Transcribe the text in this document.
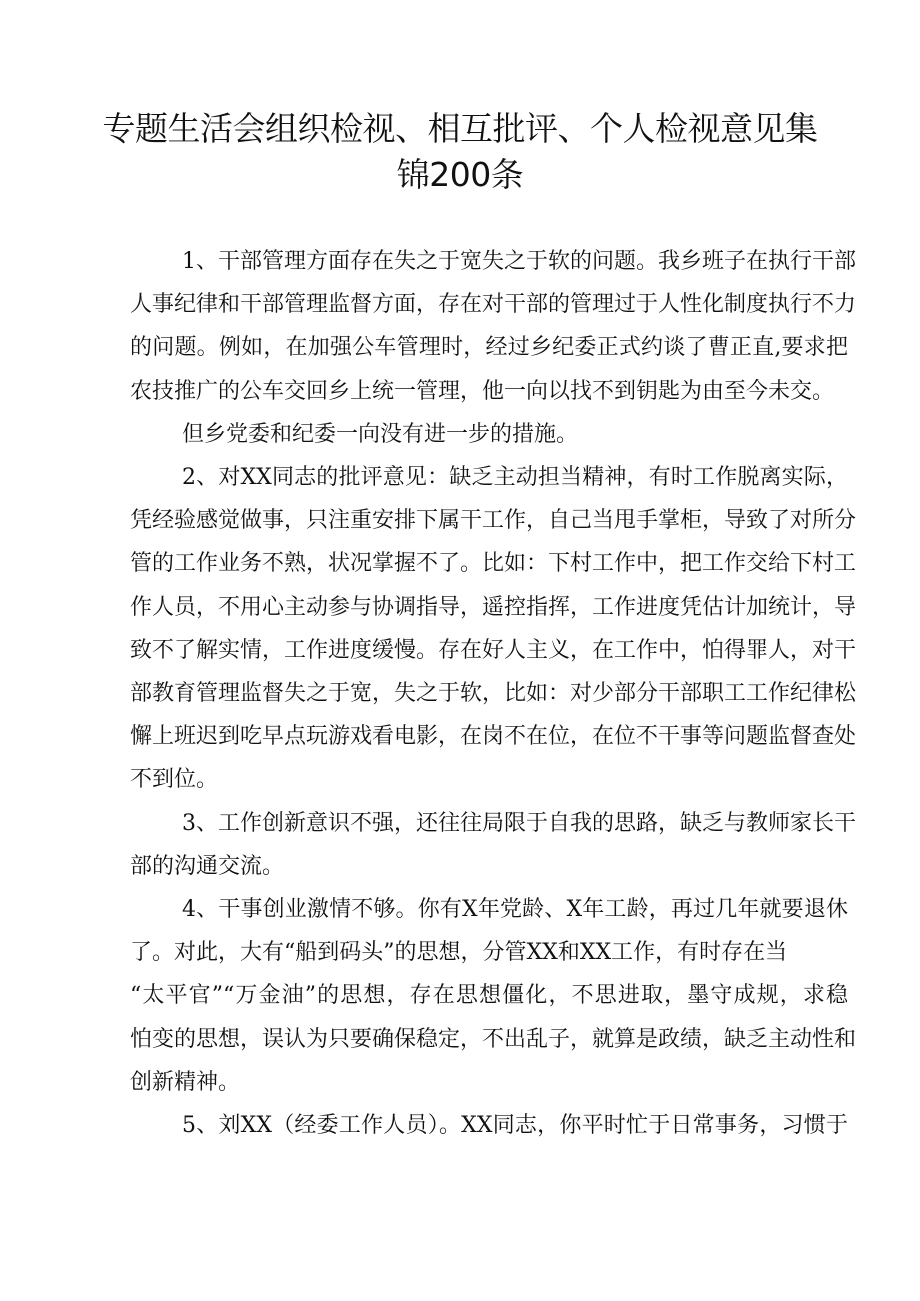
专题生活会组织检视、相互批评、个人检视意见集
锦200条
1、干部管理方面存在失之于宽失之于软的问题。我乡班子在执行干部
人事纪律和干部管理监督方面，存在对干部的管理过于人性化制度执行不力
的问题。例如，在加强公车管理时，经过乡纪委正式约谈了曹正直,要求把
农技推广的公车交回乡上统一管理，他一向以找不到钥匙为由至今未交。
但乡党委和纪委一向没有进一步的措施。
2、对XX同志的批评意见：缺乏主动担当精神，有时工作脱离实际，
凭经验感觉做事，只注重安排下属干工作，自己当甩手掌柜，导致了对所分
管的工作业务不熟，状况掌握不了。比如：下村工作中，把工作交给下村工
作人员，不用心主动参与协调指导，遥控指挥，工作进度凭估计加统计，导
致不了解实情，工作进度缓慢。存在好人主义，在工作中，怕得罪人，对干
部教育管理监督失之于宽，失之于软，比如：对少部分干部职工工作纪律松
懈上班迟到吃早点玩游戏看电影，在岗不在位，在位不干事等问题监督查处
不到位。
3、工作创新意识不强，还往往局限于自我的思路，缺乏与教师家长干
部的沟通交流。
4、干事创业激情不够。你有X年党龄、X年工龄，再过几年就要退休
了。对此，大有“船到码头”的思想，分管XX和XX工作，有时存在当
“太平官”“万金油”的思想，存在思想僵化，不思进取，墨守成规，求稳
怕变的思想，误认为只要确保稳定，不出乱子，就算是政绩，缺乏主动性和
创新精神。
5、刘XX（经委工作人员）。XX同志，你平时忙于日常事务，习惯于
